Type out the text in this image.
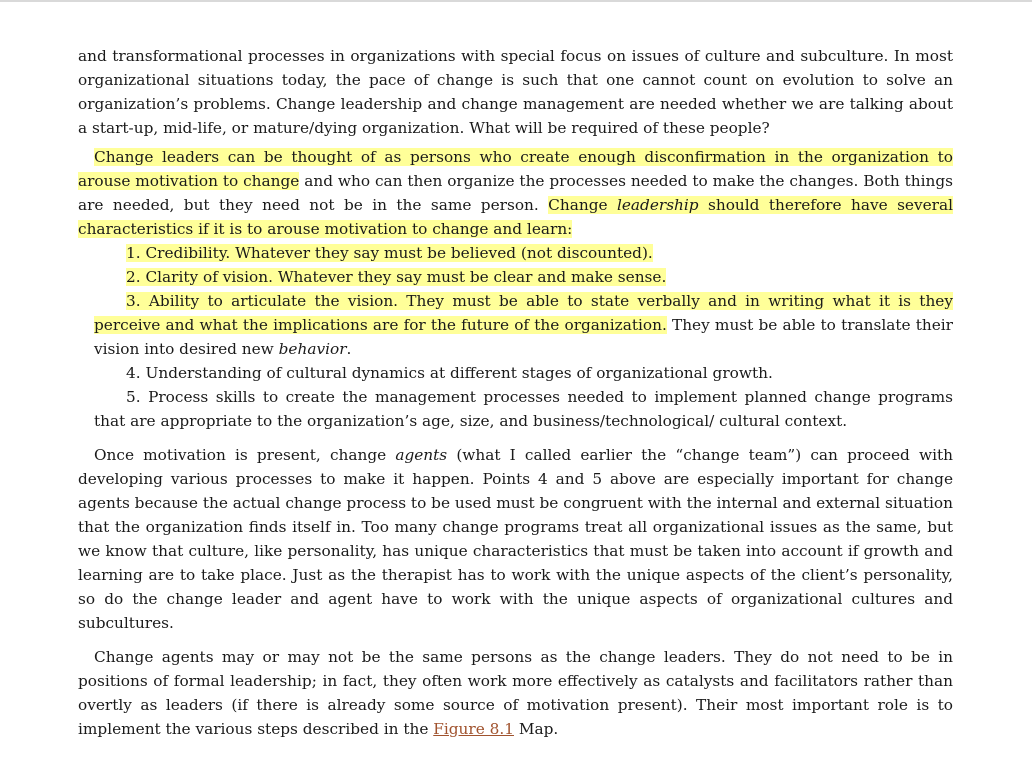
and transformational processes in organizations with special focus on issues of culture and subculture. In most organizational situations today, the pace of change is such that one cannot count on evolution to solve an organization’s problems. Change leadership and change management are needed whether we are talking about a start-up, mid-life, or mature/dying organization. What will be required of these people?

Change leaders can be thought of as persons who create enough disconfirmation in the organization to arouse motivation to change and who can then organize the processes needed to make the changes. Both things are needed, but they need not be in the same person. Change leadership should therefore have several characteristics if it is to arouse motivation to change and learn:

1. Credibility. Whatever they say must be believed (not discounted).

2. Clarity of vision. Whatever they say must be clear and make sense.

3. Ability to articulate the vision. They must be able to state verbally and in writing what it is they perceive and what the implications are for the future of the organization. They must be able to translate their vision into desired new behavior.

4. Understanding of cultural dynamics at different stages of organizational growth.

5. Process skills to create the management processes needed to implement planned change programs that are appropriate to the organization’s age, size, and business/technological/ cultural context.

Once motivation is present, change agents (what I called earlier the “change team”) can proceed with developing various processes to make it happen. Points 4 and 5 above are especially important for change agents because the actual change process to be used must be congruent with the internal and external situation that the organization finds itself in. Too many change programs treat all organizational issues as the same, but we know that culture, like personality, has unique characteristics that must be taken into account if growth and learning are to take place. Just as the therapist has to work with the unique aspects of the client’s personality, so do the change leader and agent have to work with the unique aspects of organizational cultures and subcultures.

Change agents may or may not be the same persons as the change leaders. They do not need to be in positions of formal leadership; in fact, they often work more effectively as catalysts and facilitators rather than overtly as leaders (if there is already some source of motivation present). Their most important role is to implement the various steps described in the Figure 8.1 Map.
